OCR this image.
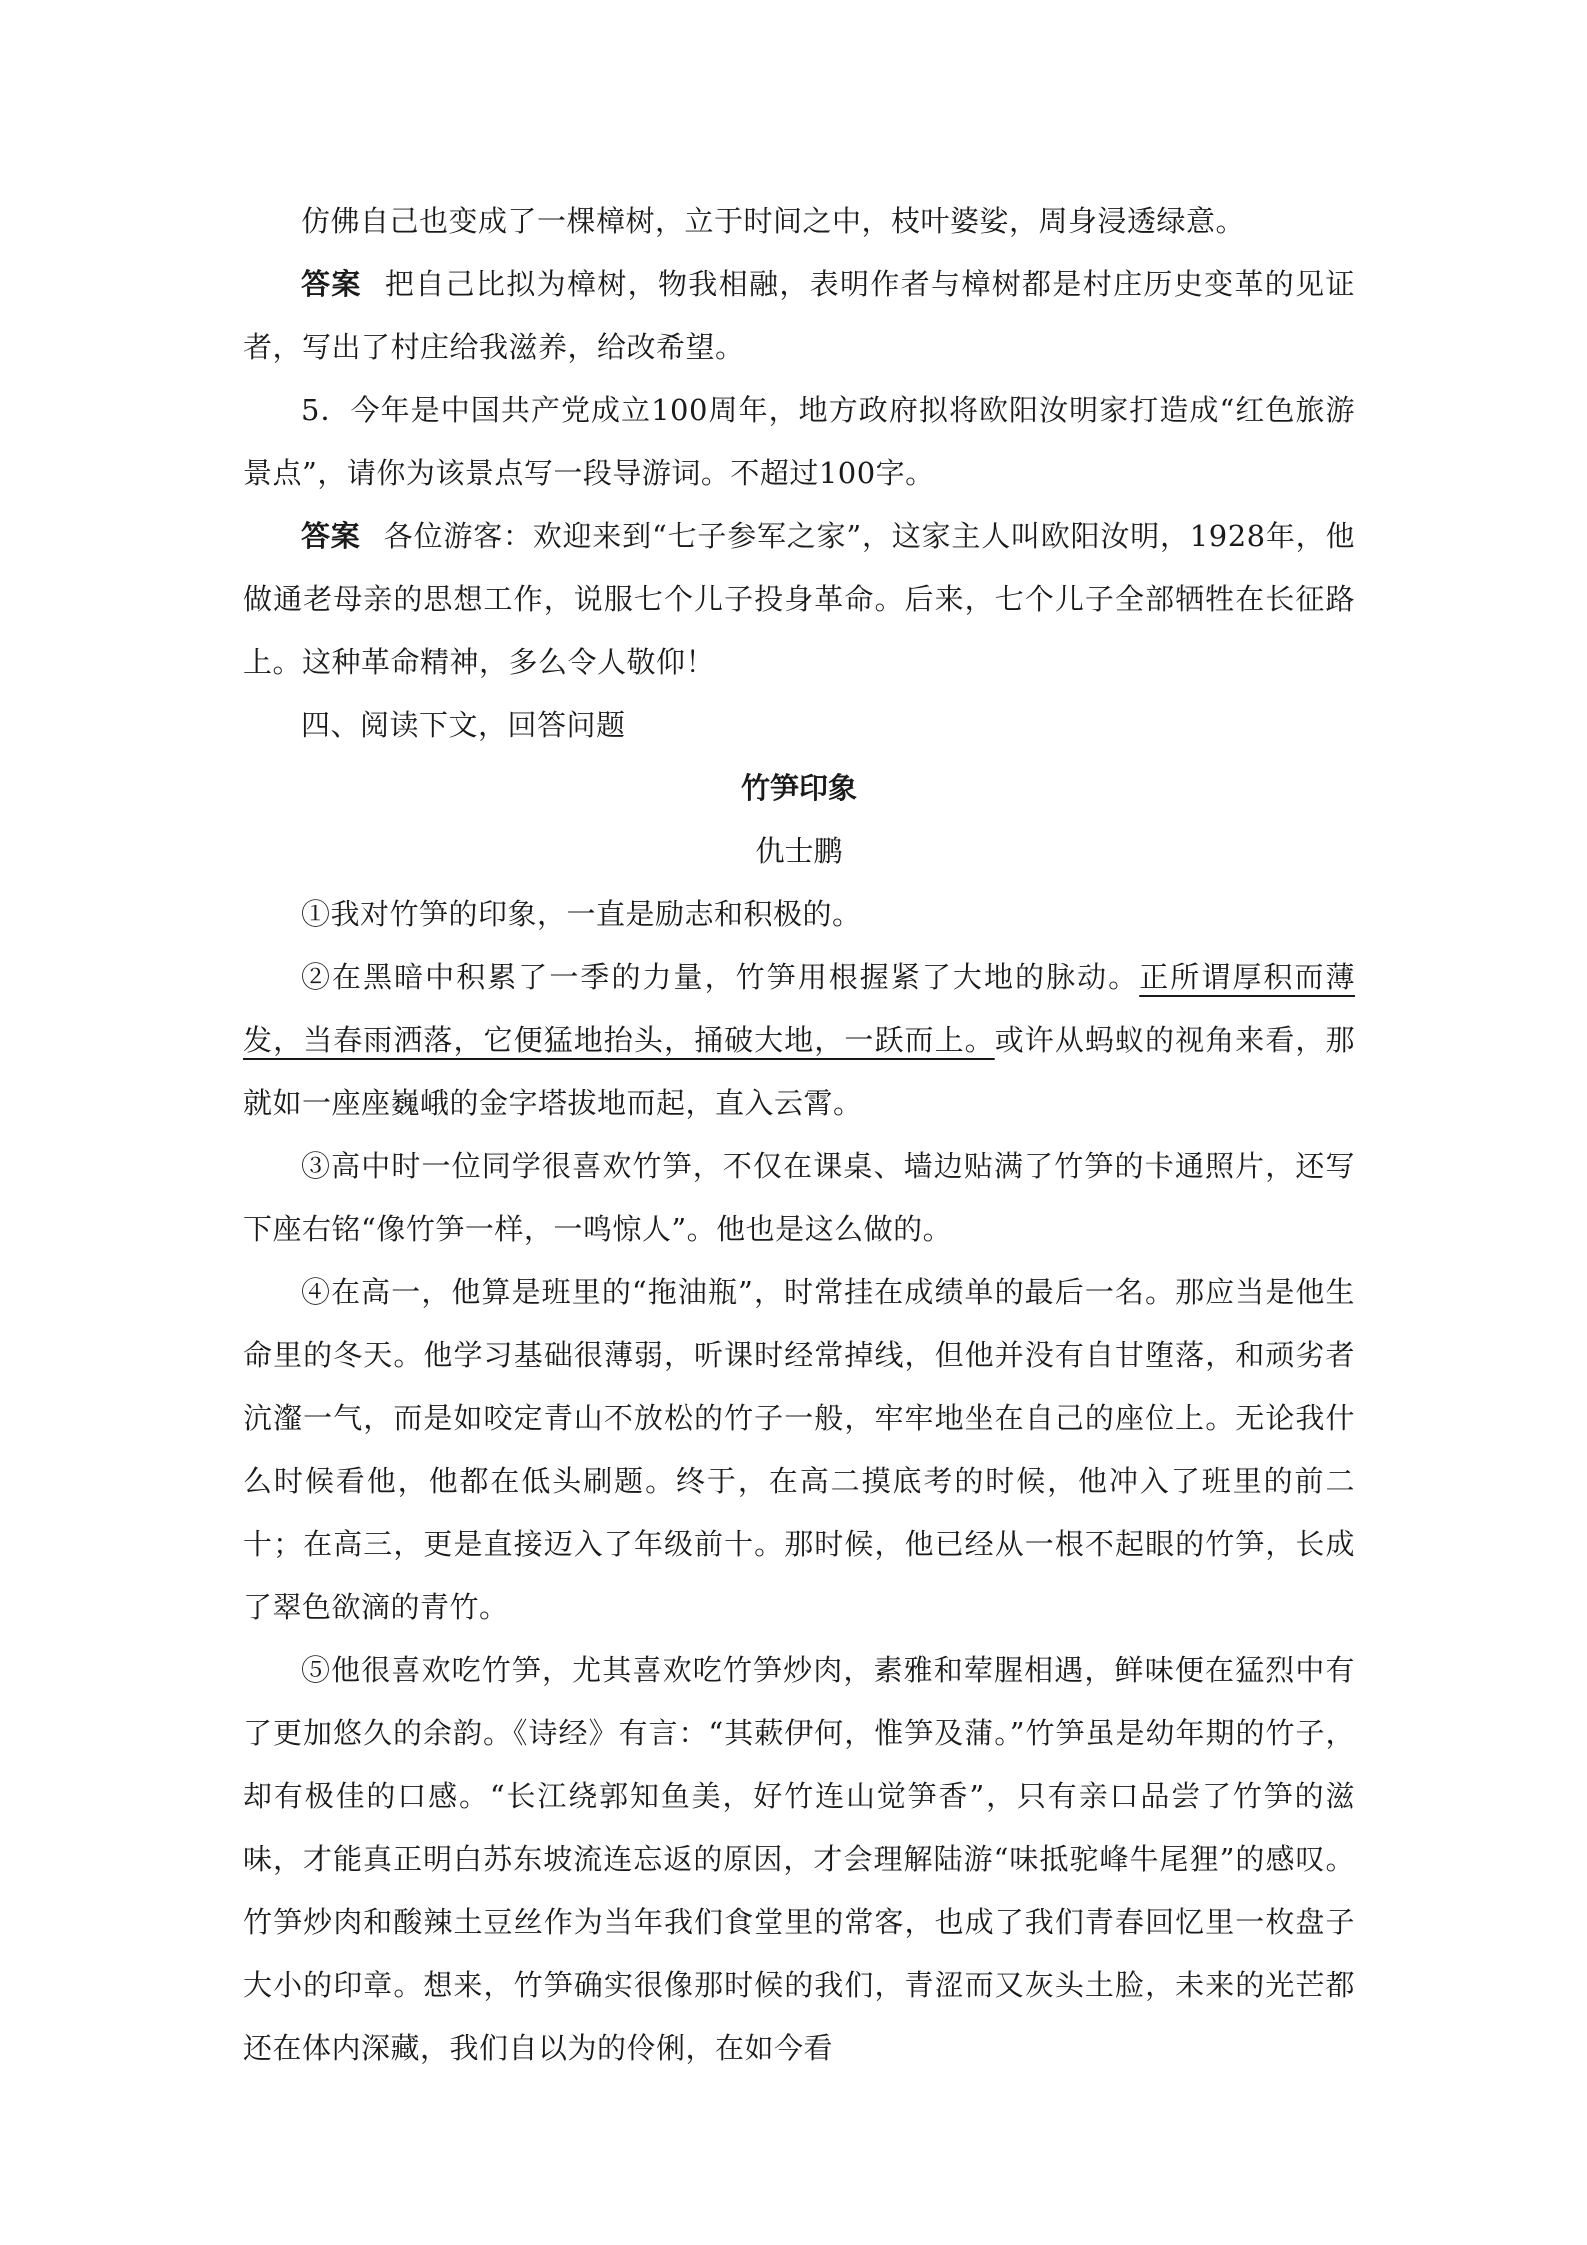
仿佛自己也变成了一棵樟树，立于时间之中，枝叶婆娑，周身浸透绿意。

答案 把自己比拟为樟树，物我相融，表明作者与樟树都是村庄历史变革的见证者，写出了村庄给我滋养，给改希望。

5．今年是中国共产党成立100周年，地方政府拟将欧阳汝明家打造成“红色旅游景点”，请你为该景点写一段导游词。不超过100字。

答案 各位游客：欢迎来到“七子参军之家”，这家主人叫欧阳汝明，1928年，他做通老母亲的思想工作，说服七个儿子投身革命。后来，七个儿子全部牺牲在长征路上。这种革命精神，多么令人敬仰！

四、阅读下文，回答问题

竹笋印象

仇士鹏

①我对竹笋的印象，一直是励志和积极的。

②在黑暗中积累了一季的力量，竹笋用根握紧了大地的脉动。正所谓厚积而薄发，当春雨洒落，它便猛地抬头，捅破大地，一跃而上。或许从蚂蚁的视角来看，那就如一座座巍峨的金字塔拔地而起，直入云霄。

③高中时一位同学很喜欢竹笋，不仅在课桌、墙边贴满了竹笋的卡通照片，还写下座右铭“像竹笋一样，一鸣惊人”。他也是这么做的。

④在高一，他算是班里的“拖油瓶”，时常挂在成绩单的最后一名。那应当是他生命里的冬天。他学习基础很薄弱，听课时经常掉线，但他并没有自甘堕落，和顽劣者沆瀣一气，而是如咬定青山不放松的竹子一般，牢牢地坐在自己的座位上。无论我什么时候看他，他都在低头刷题。终于，在高二摸底考的时候，他冲入了班里的前二十；在高三，更是直接迈入了年级前十。那时候，他已经从一根不起眼的竹笋，长成了翠色欲滴的青竹。

⑤他很喜欢吃竹笋，尤其喜欢吃竹笋炒肉，素雅和荤腥相遇，鲜味便在猛烈中有了更加悠久的余韵。《诗经》有言：“其蔌伊何，惟笋及蒲。”竹笋虽是幼年期的竹子，却有极佳的口感。“长江绕郭知鱼美，好竹连山觉笋香”，只有亲口品尝了竹笋的滋味，才能真正明白苏东坡流连忘返的原因，才会理解陆游“味抵驼峰牛尾狸”的感叹。竹笋炒肉和酸辣土豆丝作为当年我们食堂里的常客，也成了我们青春回忆里一枚盘子大小的印章。想来，竹笋确实很像那时候的我们，青涩而又灰头土脸，未来的光芒都还在体内深藏，我们自以为的伶俐，在如今看
